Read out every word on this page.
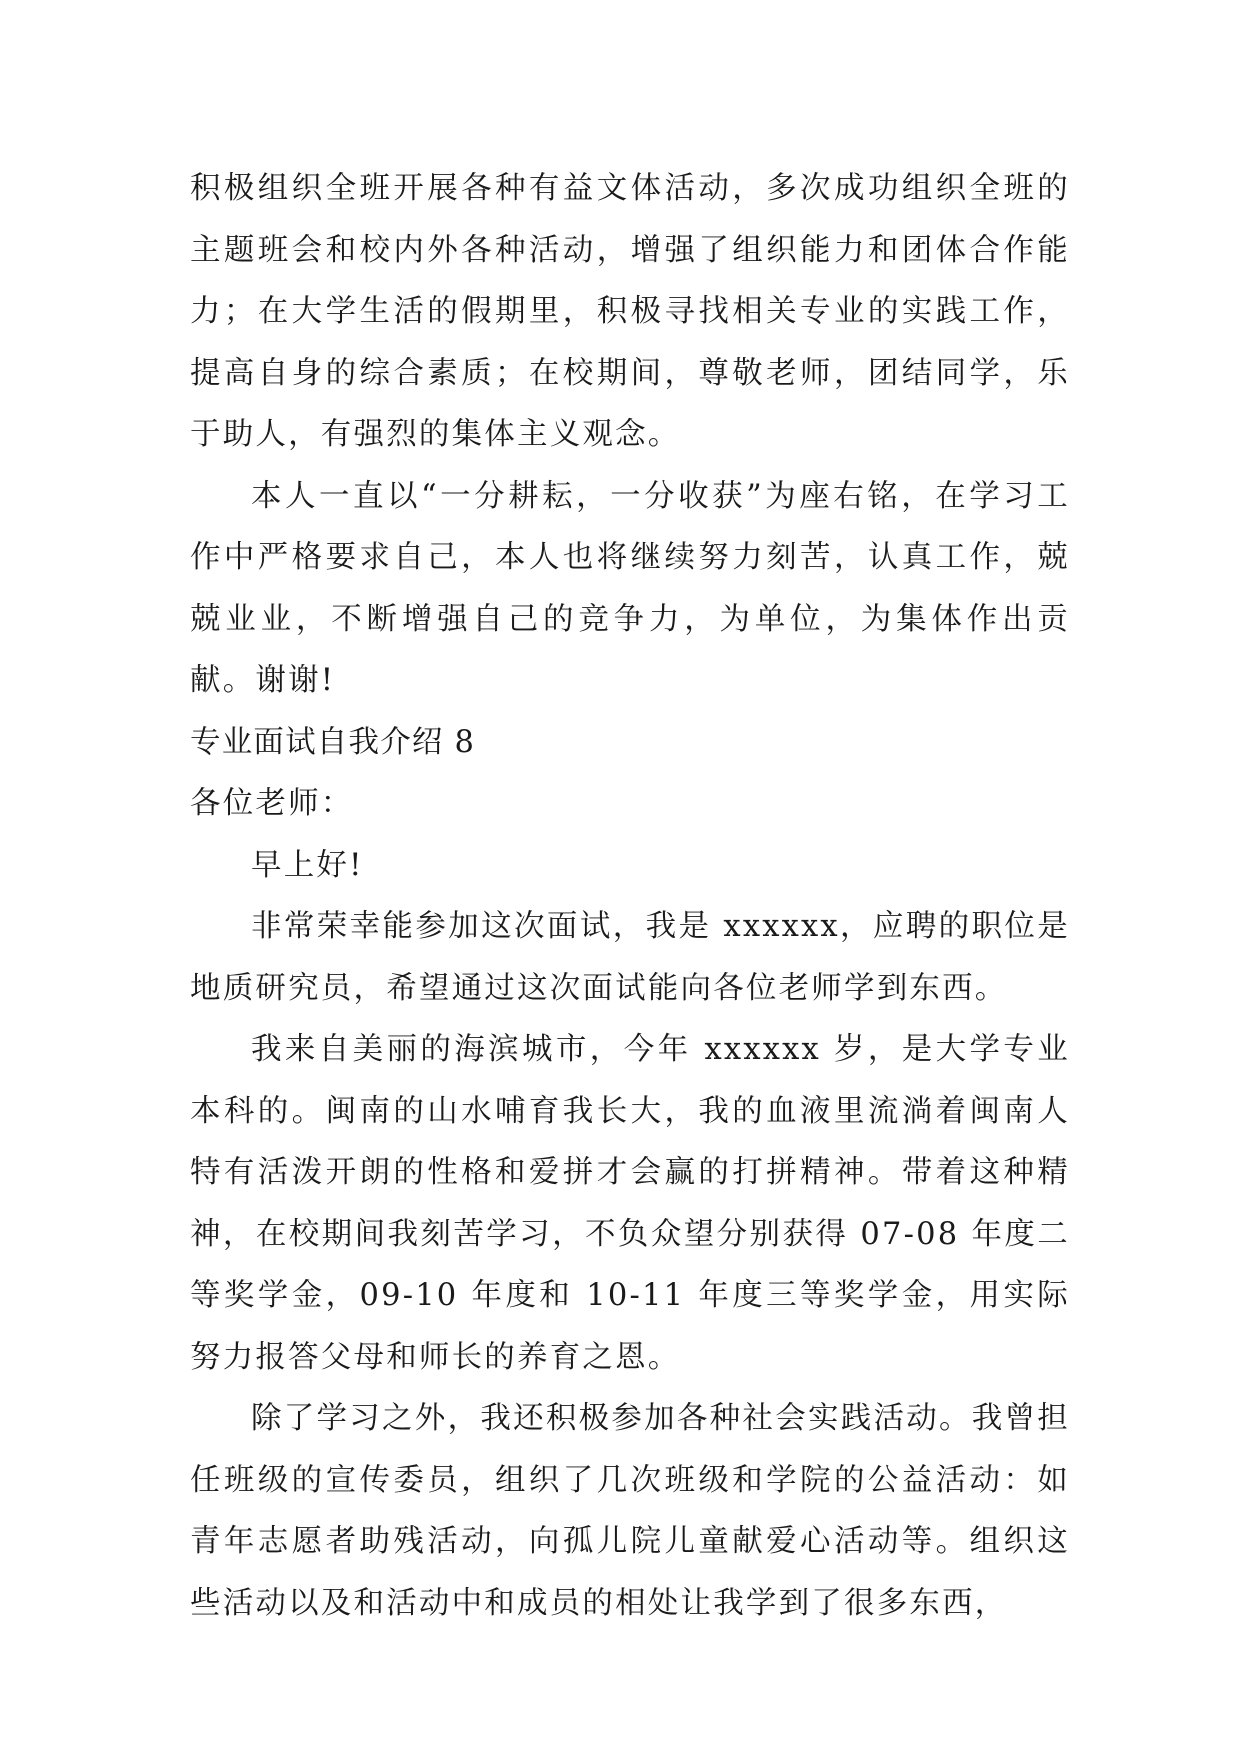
积极组织全班开展各种有益文体活动，多次成功组织全班的主题班会和校内外各种活动，增强了组织能力和团体合作能力；在大学生活的假期里，积极寻找相关专业的实践工作，提高自身的综合素质；在校期间，尊敬老师，团结同学，乐于助人，有强烈的集体主义观念。

本人一直以“一分耕耘，一分收获”为座右铭，在学习工作中严格要求自己，本人也将继续努力刻苦，认真工作，兢兢业业，不断增强自己的竞争力，为单位，为集体作出贡献。谢谢!

专业面试自我介绍 8

各位老师：

早上好!

非常荣幸能参加这次面试，我是 xxxxxx，应聘的职位是地质研究员，希望通过这次面试能向各位老师学到东西。

我来自美丽的海滨城市，今年 xxxxxx 岁，是大学专业本科的。闽南的山水哺育我长大，我的血液里流淌着闽南人特有活泼开朗的性格和爱拼才会赢的打拼精神。带着这种精神，在校期间我刻苦学习，不负众望分别获得 07-08 年度二等奖学金，09-10 年度和 10-11 年度三等奖学金，用实际努力报答父母和师长的养育之恩。

除了学习之外，我还积极参加各种社会实践活动。我曾担任班级的宣传委员，组织了几次班级和学院的公益活动：如青年志愿者助残活动，向孤儿院儿童献爱心活动等。组织这些活动以及和活动中和成员的相处让我学到了很多东西，
